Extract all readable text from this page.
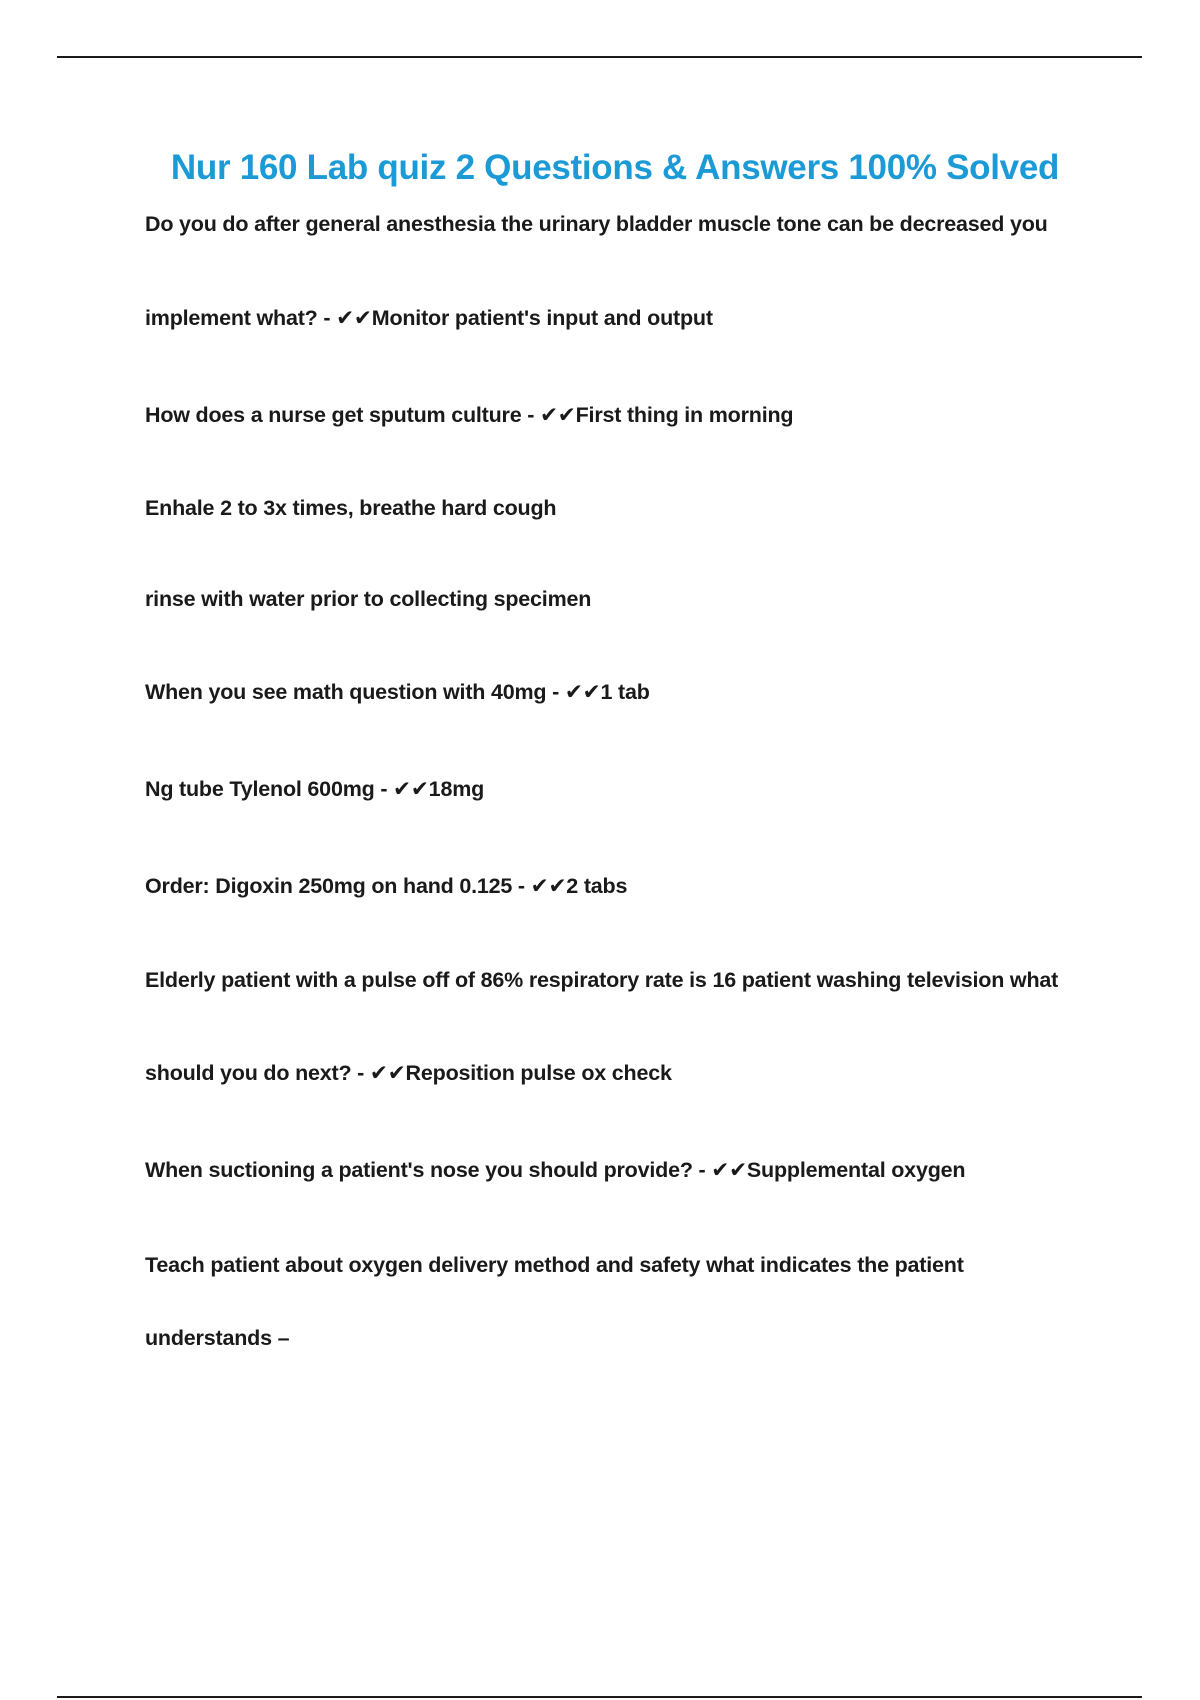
Nur 160 Lab quiz 2 Questions & Answers 100% Solved
Do you do after general anesthesia the urinary bladder muscle tone can be decreased you
implement what? - ✔✔Monitor patient's input and output
How does a nurse get sputum culture - ✔✔First thing in morning
Enhale 2 to 3x times, breathe hard cough
rinse with water prior to collecting specimen
When you see math question with 40mg - ✔✔1 tab
Ng tube Tylenol 600mg - ✔✔18mg
Order: Digoxin 250mg on hand 0.125 - ✔✔2 tabs
Elderly patient with a pulse off of 86% respiratory rate is 16 patient washing television what
should you do next? - ✔✔Reposition pulse ox check
When suctioning a patient's nose you should provide? - ✔✔Supplemental oxygen
Teach patient about oxygen delivery method and safety what indicates the patient
understands –
